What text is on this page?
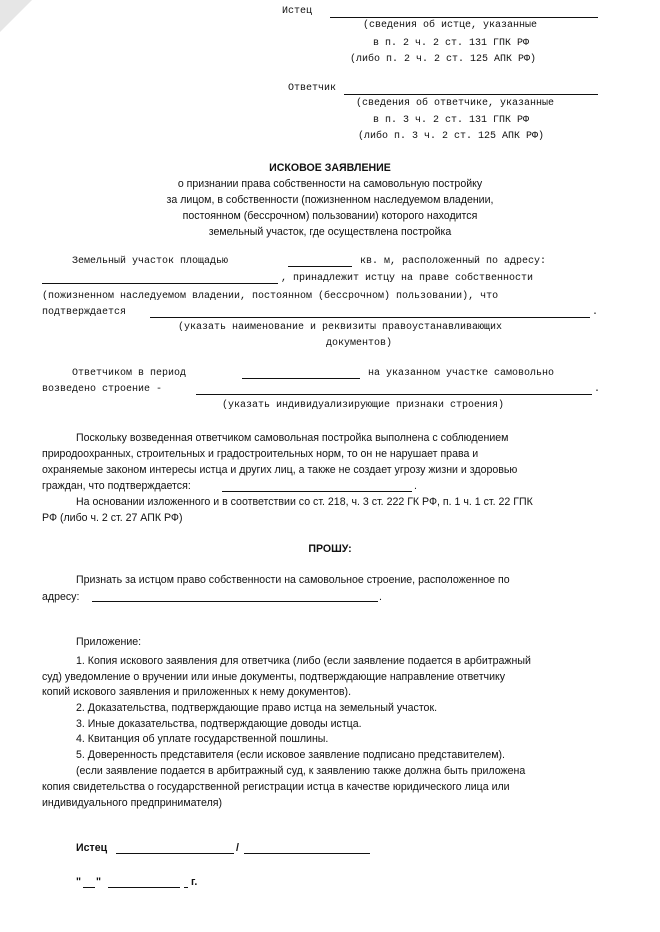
Истец
(сведения об истце, указанные
в п. 2 ч. 2 ст. 131 ГПК РФ
(либо п. 2 ч. 2 ст. 125 АПК РФ)
Ответчик
(сведения об ответчике, указанные
в п. 3 ч. 2 ст. 131 ГПК РФ
(либо п. 3 ч. 2 ст. 125 АПК РФ)
ИСКОВОЕ ЗАЯВЛЕНИЕ
о признании права собственности на самовольную постройку
за лицом, в собственности (пожизненном наследуемом владении,
постоянном (бессрочном) пользовании) которого находится
земельный участок, где осуществлена постройка
Земельный участок площадью	кв. м, расположенный по адресу:
, принадлежит истцу на праве собственности
(пожизненном наследуемом владении, постоянном (бессрочном) пользовании), что
подтверждается	.
(указать наименование и реквизиты правоустанавливающих
документов)
Ответчиком в период	на указанном участке самовольно
возведено строение -	.
(указать индивидуализирующие признаки строения)
Поскольку возведенная ответчиком самовольная постройка выполнена с соблюдением
природоохранных, строительных и градостроительных норм, то он не нарушает права и
охраняемые законом интересы истца и других лиц, а также не создает угрозу жизни и здоровью
граждан, что подтверждается:	.
На основании изложенного и в соответствии со ст. 218, ч. 3 ст. 222 ГК РФ, п. 1 ч. 1 ст. 22 ГПК
РФ (либо ч. 2 ст. 27 АПК РФ)
ПРОШУ:
Признать за истцом право собственности на самовольное строение, расположенное по
адресу:	.
Приложение:
1. Копия искового заявления для ответчика (либо (если заявление подается в арбитражный
суд) уведомление о вручении или иные документы, подтверждающие направление ответчику
копий искового заявления и приложенных к нему документов).
2. Доказательства, подтверждающие право истца на земельный участок.
3. Иные доказательства, подтверждающие доводы истца.
4. Квитанция об уплате государственной пошлины.
5. Доверенность представителя (если исковое заявление подписано представителем).
(если заявление подается в арбитражный суд, к заявлению также должна быть приложена
копия свидетельства о государственной регистрации истца в качестве юридического лица или
индивидуального предпринимателя)
Истец	/
" "	г.
